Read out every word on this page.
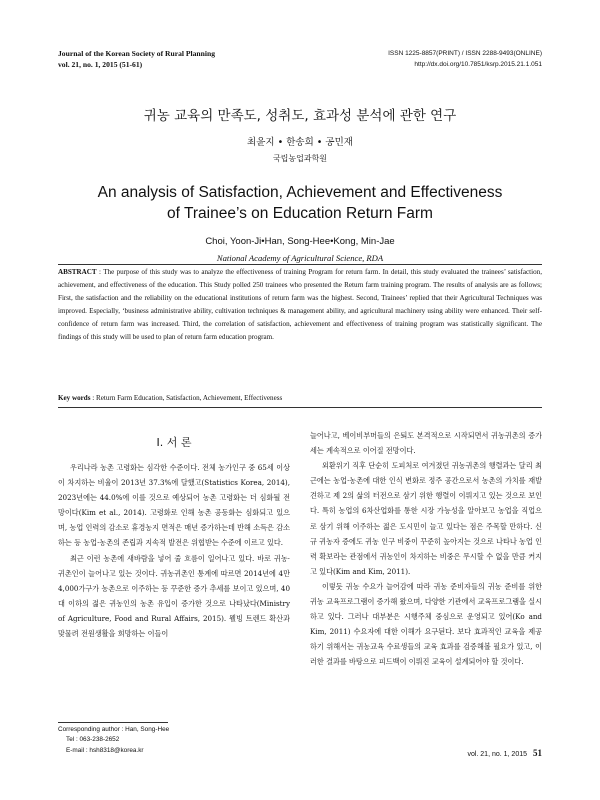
Journal of the Korean Society of Rural Planning
vol. 21, no. 1, 2015 (51-61)
ISSN 1225-8857(PRINT) / ISSN 2288-9493(ONLINE)
http://dx.doi.org/10.7851/ksrp.2015.21.1.051
귀농 교육의 만족도, 성취도, 효과성 분석에 관한 연구
최윤지 • 한송희 • 공민재
국립농업과학원
An analysis of Satisfaction, Achievement and Effectiveness
of Trainee’s on Education Return Farm
Choi, Yoon-Ji•Han, Song-Hee•Kong, Min-Jae
National Academy of Agricultural Science, RDA
ABSTRACT : The purpose of this study was to analyze the effectiveness of training Program for return farm. In detail, this study evaluated the trainees’ satisfaction, achievement, and effectiveness of the education. This Study polled 250 trainees who presented the Return farm training program. The results of analysis are as follows; First, the satisfaction and the reliability on the educational institutions of return farm was the highest. Second, Trainees’ replied that their Agricultural Techniques was improved. Especially, ‘business administrative ability, cultivation techniques & management ability, and agricultural machinery using ability were enhanced. Their self-confidence of return farm was increased. Third, the correlation of satisfaction, achievement and effectiveness of training program was statistically significant. The findings of this study will be used to plan of return farm education program.
Key words : Return Farm Education, Satisfaction, Achievement, Effectiveness
I. 서 론

우리나라 농촌 고령화는 심각한 수준이다. 전체 농가인구 중 65세 이상이 차지하는 비율이 2013년 37.3%에 달했고(Statistics Korea, 2014), 2023년에는 44.0%에 이를 것으로 예상되어 농촌 고령화는 더 심화될 전망이다(Kim et al., 2014). 고령화로 인해 농촌 공동화는 심화되고 있으며, 농업 인력의 감소로 휴경농지 면적은 매년 증가하는데 반해 소득은 감소하는 등 농업·농촌의 존립과 지속적 발전은 위협받는 수준에 이르고 있다.

최근 이런 농촌에 새바람을 넣어 줄 흐름이 일어나고 있다. 바로 귀농·귀촌인이 늘어나고 있는 것이다. 귀농귀촌인 통계에 따르면 2014년에 4만 4,000가구가 농촌으로 이주하는 등 꾸준한 증가 추세를 보이고 있으며, 40대 이하의 젊은 귀농인의 농촌 유입이 증가한 것으로 나타났다(Ministry of Agriculture, Food and Rural Affairs, 2015). 웰빙 트렌드 확산과 맞물려 전원생활을 희망하는 이들이

늘어나고, 베이비부머들의 은퇴도 본격적으로 시작되면서 귀농귀촌의 증가세는 계속적으로 이어질 전망이다.

외환위기 직후 단순히 도피처로 여겨졌던 귀농귀촌의 행렬과는 달리 최근에는 농업·농촌에 대한 인식 변화로 정주 공간으로서 농촌의 가치를 재발견하고 제 2의 삶의 터전으로 삼기 위한 행렬이 이뤄지고 있는 것으로 보인다. 특히 농업의 6차산업화를 통한 시장 가능성을 알아보고 농업을 직업으로 삼기 위해 이주하는 젊은 도시민이 늘고 있다는 점은 주목할 만하다. 신규 귀농자 증에도 귀농 인구 비중이 꾸준히 높아지는 것으로 나타나 농업 인력 확보라는 관점에서 귀농인이 차지하는 비중은 무시할 수 없을 만큼 커지고 있다(Kim and Kim, 2011).

이렇듯 귀농 수요가 늘어감에 따라 귀농 준비자들의 귀농 준비를 위한 귀농 교육프로그램이 증가해 왔으며, 다양한 기관에서 교육프로그램을 실시하고 있다. 그러나 대부분은 시행주체 중심으로 운영되고 있어(Ko and Kim, 2011) 수요자에 대한 이해가 요구된다. 보다 효과적인 교육을 제공하기 위해서는 귀농교육 수료생들의 교육 효과를 검증해볼 필요가 있고, 이러한 결과를 바탕으로 피드백이 이뤄진 교육이 설계되어야 할 것이다.

Corresponding author : Han, Song-Hee
Tel : 063-238-2652
E-mail : hsh8318@korea.kr
vol. 21, no. 1, 2015 51
